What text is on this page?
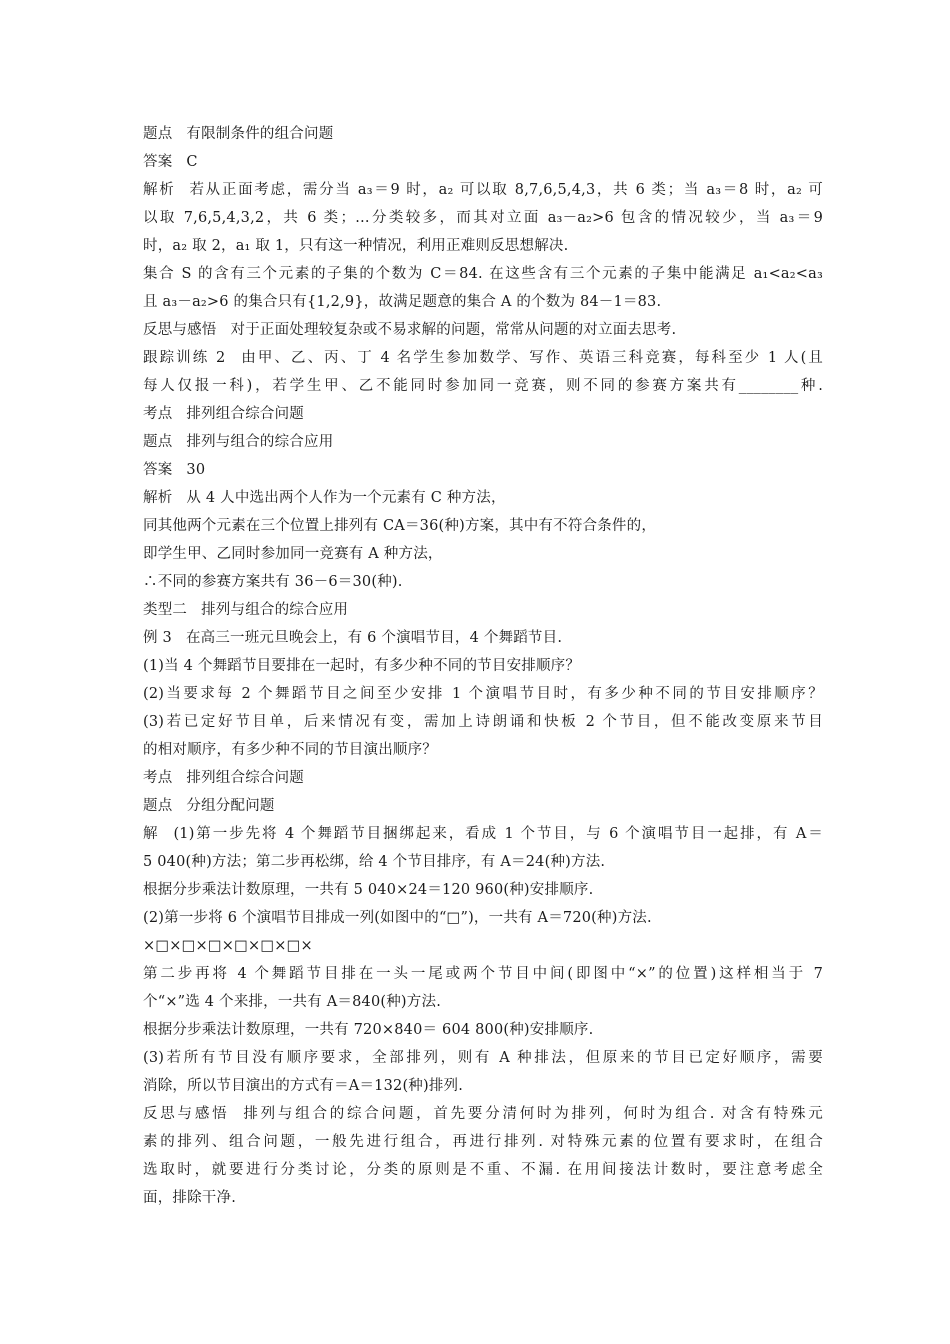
题点 有限制条件的组合问题
答案 C
解析 若从正面考虑，需分当 a₃＝9 时，a₂ 可以取 8,7,6,5,4,3，共 6 类；当 a₃＝8 时，a₂ 可
以取 7,6,5,4,3,2，共 6 类；…分类较多，而其对立面 a₃－a₂>6 包含的情况较少，当 a₃＝9
时，a₂ 取 2，a₁ 取 1，只有这一种情况，利用正难则反思想解决.
集合 S 的含有三个元素的子集的个数为 C＝84. 在这些含有三个元素的子集中能满足 a₁<a₂<a₃
且 a₃－a₂>6 的集合只有{1,2,9}，故满足题意的集合 A 的个数为 84－1＝83.
反思与感悟 对于正面处理较复杂或不易求解的问题，常常从问题的对立面去思考.
跟踪训练 2 由甲、乙、丙、丁 4 名学生参加数学、写作、英语三科竞赛，每科至少 1 人(且
每人仅报一科)，若学生甲、乙不能同时参加同一竞赛，则不同的参赛方案共有________种.
考点 排列组合综合问题
题点 排列与组合的综合应用
答案 30
解析 从 4 人中选出两个人作为一个元素有 C 种方法，
同其他两个元素在三个位置上排列有 CA＝36(种)方案，其中有不符合条件的，
即学生甲、乙同时参加同一竞赛有 A 种方法，
∴不同的参赛方案共有 36－6＝30(种).
类型二 排列与组合的综合应用
例 3 在高三一班元旦晚会上，有 6 个演唱节目，4 个舞蹈节目.
(1)当 4 个舞蹈节目要排在一起时，有多少种不同的节目安排顺序？
(2)当要求每 2 个舞蹈节目之间至少安排 1 个演唱节目时，有多少种不同的节目安排顺序？
(3)若已定好节目单，后来情况有变，需加上诗朗诵和快板 2 个节目，但不能改变原来节目
的相对顺序，有多少种不同的节目演出顺序？
考点 排列组合综合问题
题点 分组分配问题
解 (1)第一步先将 4 个舞蹈节目捆绑起来，看成 1 个节目，与 6 个演唱节目一起排，有 A＝
5 040(种)方法；第二步再松绑，给 4 个节目排序，有 A＝24(种)方法.
根据分步乘法计数原理，一共有 5 040×24＝120 960(种)安排顺序.
(2)第一步将 6 个演唱节目排成一列(如图中的“□”)，一共有 A＝720(种)方法.
×□×□×□×□×□×□×
第二步再将 4 个舞蹈节目排在一头一尾或两个节目中间(即图中“×”的位置)这样相当于 7
个“×”选 4 个来排，一共有 A＝840(种)方法.
根据分步乘法计数原理，一共有 720×840＝ 604 800(种)安排顺序.
(3)若所有节目没有顺序要求，全部排列，则有 A 种排法，但原来的节目已定好顺序，需要
消除，所以节目演出的方式有＝A＝132(种)排列.
反思与感悟 排列与组合的综合问题，首先要分清何时为排列，何时为组合. 对含有特殊元
素的排列、组合问题，一般先进行组合，再进行排列. 对特殊元素的位置有要求时，在组合
选取时，就要进行分类讨论，分类的原则是不重、不漏. 在用间接法计数时，要注意考虑全
面，排除干净.
